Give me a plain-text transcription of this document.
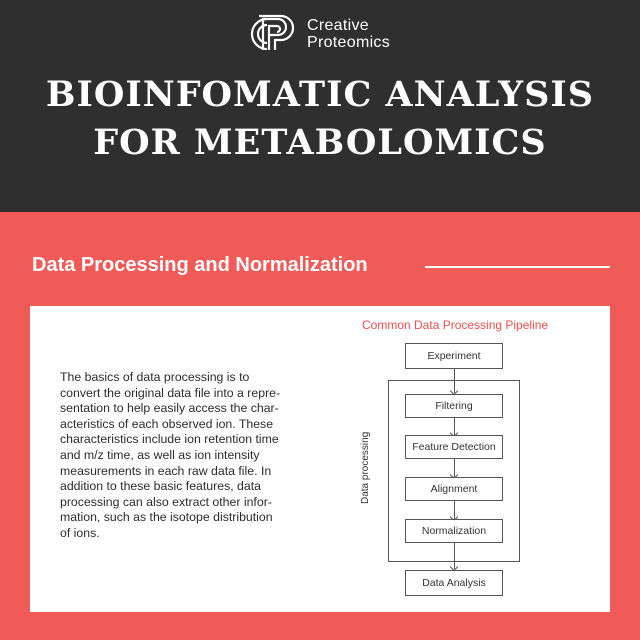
Creative
Proteomics
BIOINFOMATIC ANALYSIS
FOR METABOLOMICS
Data Processing and Normalization
The basics of data processing is to
convert the original data file into a repre-
sentation to help easily access the char-
acteristics of each observed ion. These
characteristics include ion retention time
and m/z time, as well as ion intensity
measurements in each raw data file. In
addition to these basic features, data
processing can also extract other infor-
mation, such as the isotope distribution
of ions.
Common Data Processing Pipeline
Data processing
Experiment
Filtering
Feature Detection
Alignment
Normalization
Data Analysis
